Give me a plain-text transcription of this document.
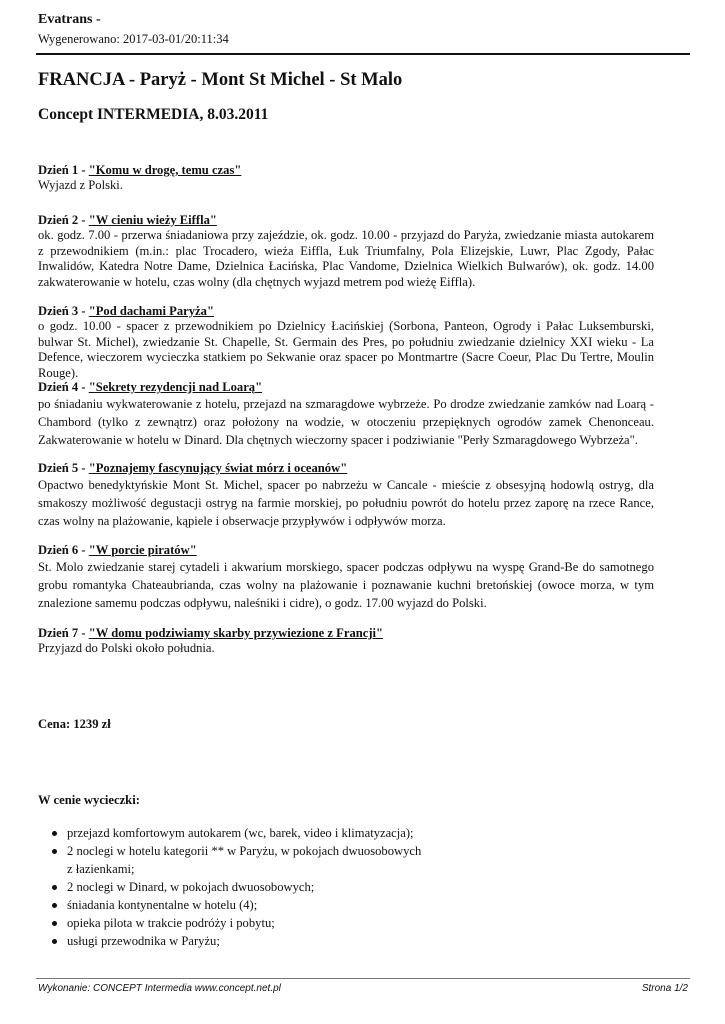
Evatrans -
Wygenerowano: 2017-03-01/20:11:34
FRANCJA - Paryż - Mont St Michel - St Malo
Concept INTERMEDIA, 8.03.2011
Dzień 1 - "Komu w drogę, temu czas"
Wyjazd z Polski.
Dzień 2 - "W cieniu wieży Eiffla"
ok. godz. 7.00 - przerwa śniadaniowa przy zajeździe, ok. godz. 10.00 - przyjazd do Paryża, zwiedzanie miasta autokarem z przewodnikiem (m.in.: plac Trocadero, wieża Eiffla, Łuk Triumfalny, Pola Elizejskie, Luwr, Plac Zgody, Pałac Inwalidów, Katedra Notre Dame, Dzielnica Łacińska, Plac Vandome, Dzielnica Wielkich Bulwarów), ok. godz. 14.00 zakwaterowanie w hotelu, czas wolny (dla chętnych wyjazd metrem pod wieżę Eiffla).
Dzień 3 - "Pod dachami Paryża"
o godz. 10.00 - spacer z przewodnikiem po Dzielnicy Łacińskiej (Sorbona, Panteon, Ogrody i Pałac Luksemburski, bulwar St. Michel), zwiedzanie St. Chapelle, St. Germain des Pres, po południu zwiedzanie dzielnicy XXI wieku - La Defence, wieczorem wycieczka statkiem po Sekwanie oraz spacer po Montmartre (Sacre Coeur, Plac Du Tertre, Moulin Rouge).
Dzień 4 - "Sekrety rezydencji nad Loarą"
po śniadaniu wykwaterowanie z hotelu, przejazd na szmaragdowe wybrzeże. Po drodze zwiedzanie zamków nad Loarą - Chambord (tylko z zewnątrz) oraz położony na wodzie, w otoczeniu przepięknych ogrodów zamek Chenonceau. Zakwaterowanie w hotelu w Dinard. Dla chętnych wieczorny spacer i podziwianie "Perły Szmaragdowego Wybrzeża".
Dzień 5 - "Poznajemy fascynujący świat mórz i oceanów"
Opactwo benedyktyńskie Mont St. Michel, spacer po nabrzeżu w Cancale - mieście z obsesyjną hodowlą ostryg, dla smakoszy możliwość degustacji ostryg na farmie morskiej, po południu powrót do hotelu przez zaporę na rzece Rance, czas wolny na plażowanie, kąpiele i obserwacje przypływów i odpływów morza.
Dzień 6 - "W porcie piratów"
St. Molo zwiedzanie starej cytadeli i akwarium morskiego, spacer podczas odpływu na wyspę Grand-Be do samotnego grobu romantyka Chateaubrianda, czas wolny na plażowanie i poznawanie kuchni bretońskiej (owoce morza, w tym znalezione samemu podczas odpływu, naleśniki i cidre), o godz. 17.00 wyjazd do Polski.
Dzień 7 - "W domu podziwiamy skarby przywiezione z Francji"
Przyjazd do Polski około południa.
Cena: 1239 zł
W cenie wycieczki:
przejazd komfortowym autokarem (wc, barek, video i klimatyzacja);
2 noclegi w hotelu kategorii ** w Paryżu, w pokojach dwuosobowych z łazienkami;
2 noclegi w Dinard, w pokojach dwuosobowych;
śniadania kontynentalne w hotelu (4);
opieka pilota w trakcie podróży i pobytu;
usługi przewodnika w Paryżu;
Wykonanie: CONCEPT Intermedia www.concept.net.pl	Strona 1/2
